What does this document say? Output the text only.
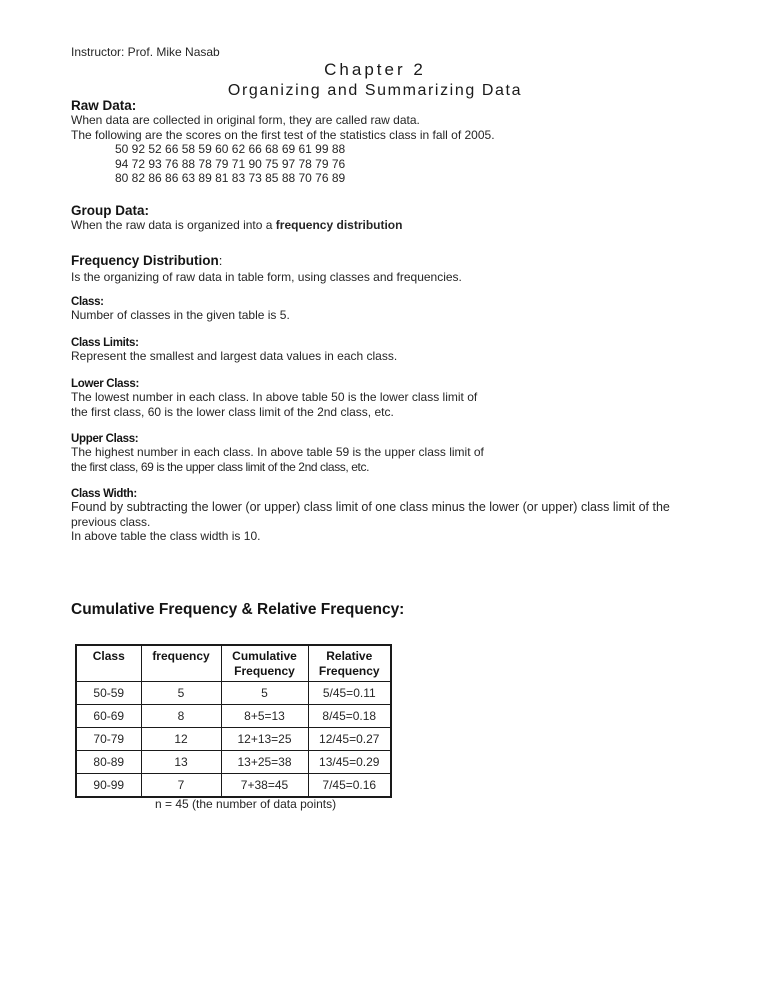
Instructor: Prof. Mike Nasab
Chapter 2
Organizing and Summarizing Data
Raw Data:
When data are collected in original form, they are called raw data.
The following are the scores on the first test of the statistics class in fall of 2005.
50 92 52 66 58 59 60 62 66 68 69 61 99 88
94 72 93 76 88 78 79 71 90 75 97 78 79 76
80 82 86 86 63 89 81 83 73 85 88 70 76 89
Group Data:
When the raw data is organized into a frequency distribution
Frequency Distribution:
Is the organizing of raw data in table form, using classes and frequencies.
Class:
Number of classes in the given table is 5.
Class Limits:
Represent the smallest and largest data values in each class.
Lower Class:
The lowest number in each class. In above table 50 is the lower class limit of
the first class, 60 is the lower class limit of the 2nd class, etc.
Upper Class:
The highest number in each class. In above table 59 is the upper class limit of
the first class, 69 is the upper class limit of the 2nd class, etc.
Class Width:
Found by subtracting the lower (or upper) class limit of one class minus the lower (or upper) class limit of the
previous class.
In above table the class width is 10.
Cumulative Frequency & Relative Frequency:
Class	frequency	Cumulative Frequency	Relative Frequency
50-59	5	5	5/45=0.11
60-69	8	8+5=13	8/45=0.18
70-79	12	12+13=25	12/45=0.27
80-89	13	13+25=38	13/45=0.29
90-99	7	7+38=45	7/45=0.16
n = 45 (the number of data points)
